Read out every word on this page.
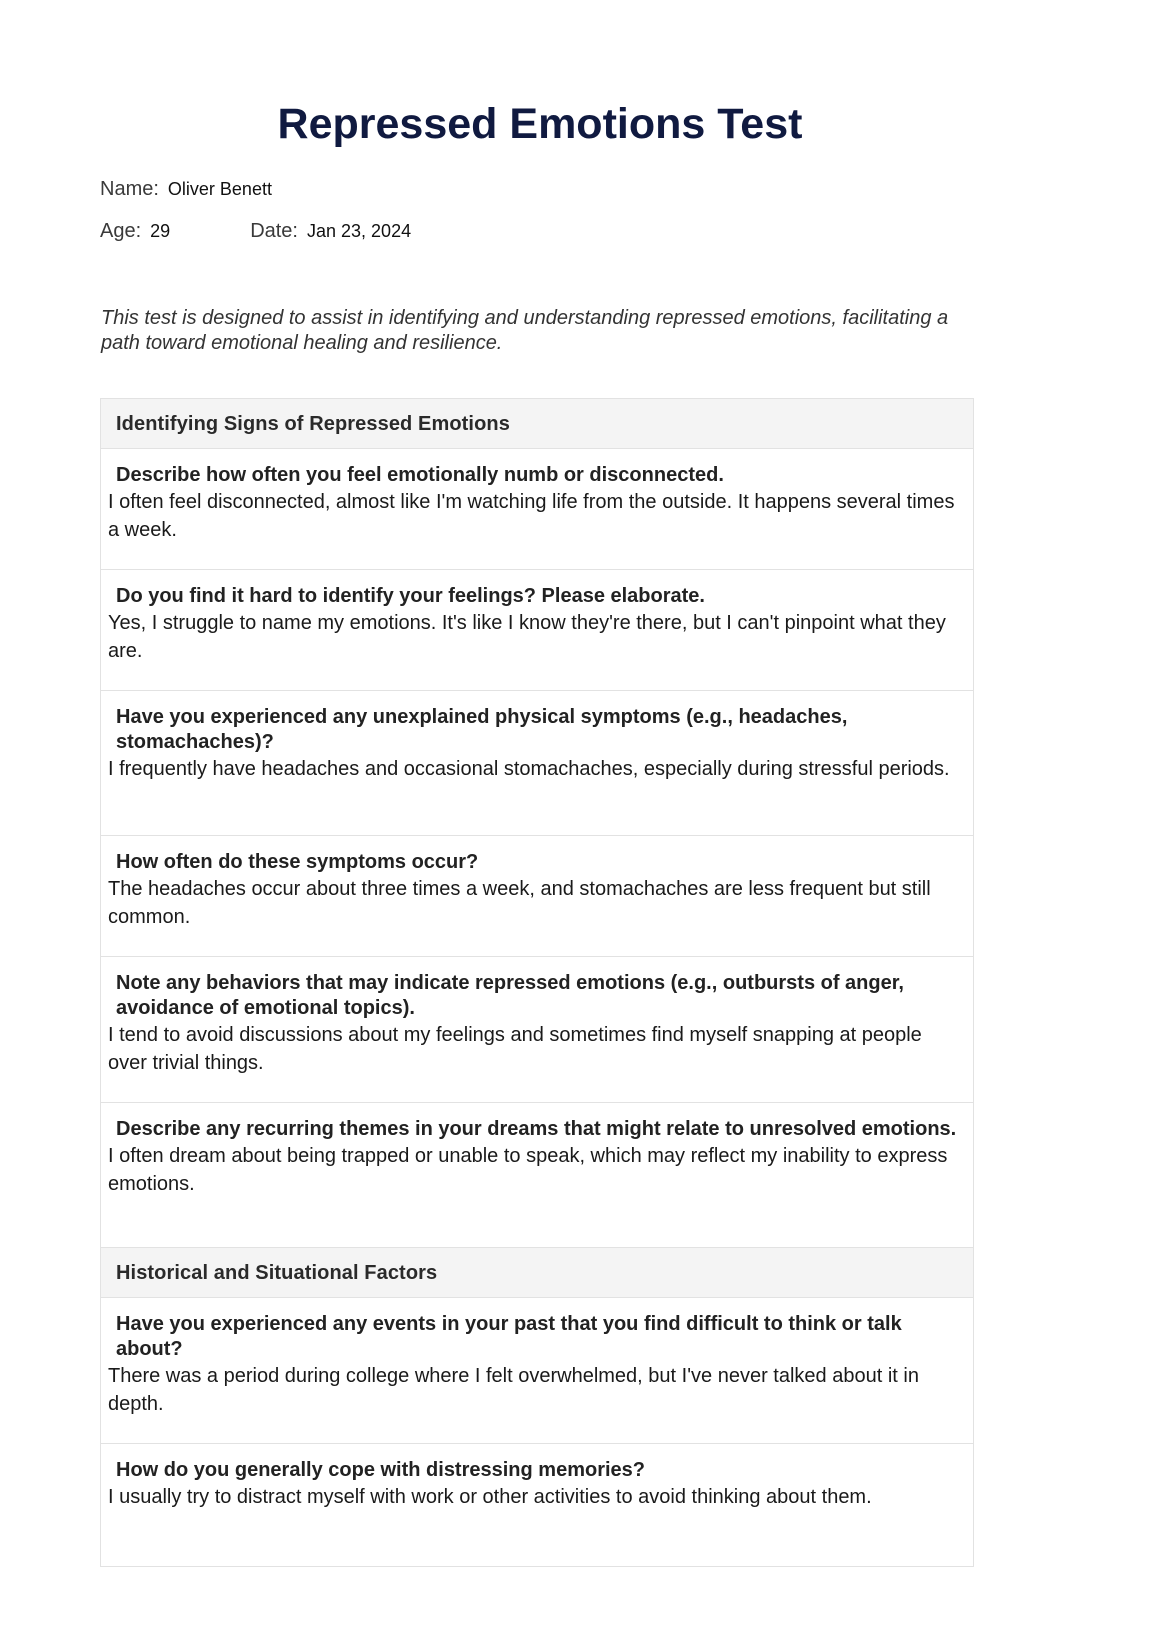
Repressed Emotions Test
Name: Oliver Benett
Age: 29	Date: Jan 23, 2024

This test is designed to assist in identifying and understanding repressed emotions, facilitating a path toward emotional healing and resilience.

Identifying Signs of Repressed Emotions

Describe how often you feel emotionally numb or disconnected.

I often feel disconnected, almost like I'm watching life from the outside. It happens several times a week.

Do you find it hard to identify your feelings? Please elaborate.

Yes, I struggle to name my emotions. It's like I know they're there, but I can't pinpoint what they are.

Have you experienced any unexplained physical symptoms (e.g., headaches, stomachaches)?

I frequently have headaches and occasional stomachaches, especially during stressful periods.

How often do these symptoms occur?

The headaches occur about three times a week, and stomachaches are less frequent but still common.

Note any behaviors that may indicate repressed emotions (e.g., outbursts of anger, avoidance of emotional topics).

I tend to avoid discussions about my feelings and sometimes find myself snapping at people over trivial things.

Describe any recurring themes in your dreams that might relate to unresolved emotions.

I often dream about being trapped or unable to speak, which may reflect my inability to express emotions.

Historical and Situational Factors

Have you experienced any events in your past that you find difficult to think or talk about?

There was a period during college where I felt overwhelmed, but I've never talked about it in depth.

How do you generally cope with distressing memories?

I usually try to distract myself with work or other activities to avoid thinking about them.
